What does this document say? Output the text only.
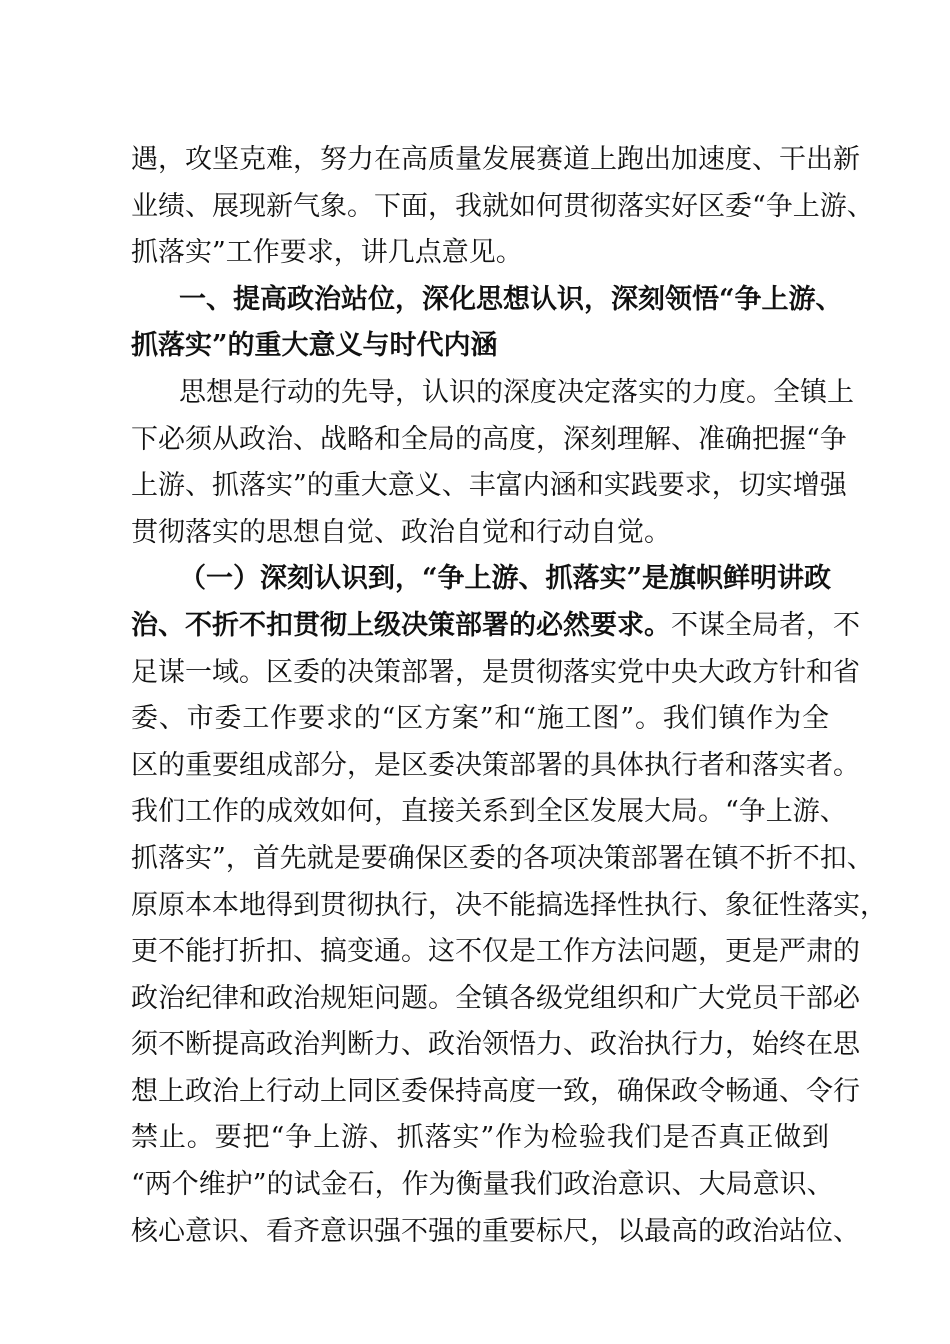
遇，攻坚克难，努力在高质量发展赛道上跑出加速度、干出新
业绩、展现新气象。下面，我就如何贯彻落实好区委“争上游、
抓落实”工作要求，讲几点意见。
一、提高政治站位，深化思想认识，深刻领悟“争上游、
抓落实”的重大意义与时代内涵
思想是行动的先导，认识的深度决定落实的力度。全镇上
下必须从政治、战略和全局的高度，深刻理解、准确把握“争
上游、抓落实”的重大意义、丰富内涵和实践要求，切实增强
贯彻落实的思想自觉、政治自觉和行动自觉。
（一）深刻认识到，“争上游、抓落实”是旗帜鲜明讲政
治、不折不扣贯彻上级决策部署的必然要求。不谋全局者，不
足谋一域。区委的决策部署，是贯彻落实党中央大政方针和省
委、市委工作要求的“区方案”和“施工图”。我们镇作为全
区的重要组成部分，是区委决策部署的具体执行者和落实者。
我们工作的成效如何，直接关系到全区发展大局。“争上游、
抓落实”，首先就是要确保区委的各项决策部署在镇不折不扣、
原原本本地得到贯彻执行，决不能搞选择性执行、象征性落实，
更不能打折扣、搞变通。这不仅是工作方法问题，更是严肃的
政治纪律和政治规矩问题。全镇各级党组织和广大党员干部必
须不断提高政治判断力、政治领悟力、政治执行力，始终在思
想上政治上行动上同区委保持高度一致，确保政令畅通、令行
禁止。要把“争上游、抓落实”作为检验我们是否真正做到
“两个维护”的试金石，作为衡量我们政治意识、大局意识、
核心意识、看齐意识强不强的重要标尺，以最高的政治站位、
